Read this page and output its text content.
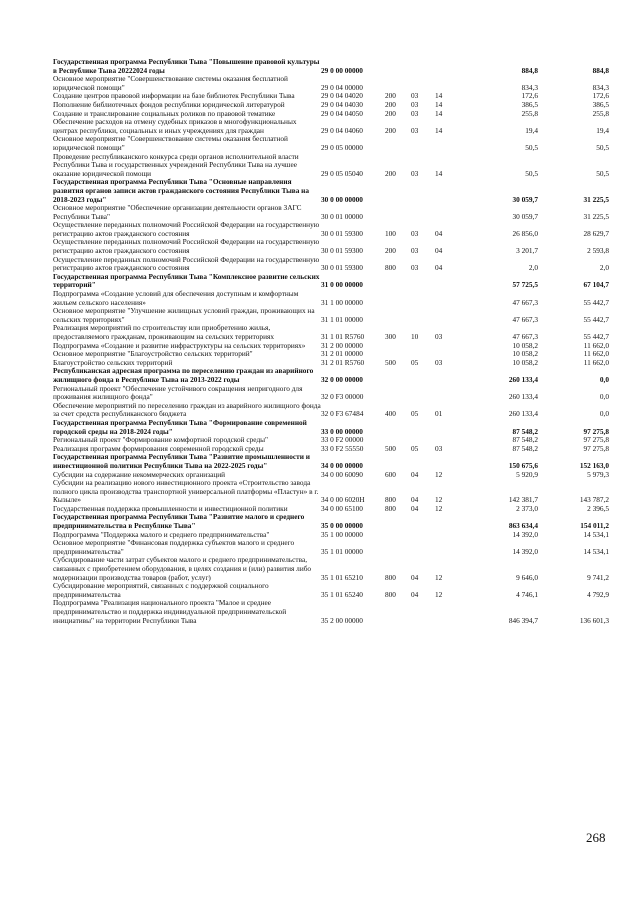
Государственная программа Республики Тыва "Повышение правовой культуры в Республике Тыва 20222024 годы	29 0 00 00000				884,8	884,8
Основное мероприятие "Совершенствование системы оказания бесплатной юридической помощи"	29 0 04 00000				834,3	834,3
Создание центров правовой информации на базе библиотек Республики Тыва	29 0 04 04020	200	03	14	172,6	172,6
Пополнение библиотечных фондов республики юридической литературой	29 0 04 04030	200	03	14	386,5	386,5
Создание и транслирование социальных роликов по правовой тематике	29 0 04 04050	200	03	14	255,8	255,8
Обеспечение расходов на отмену судебных приказов в многофункциональных центрах республики, социальных и иных учреждениях для граждан	29 0 04 04060	200	03	14	19,4	19,4
Основное мероприятие "Совершенствование системы оказания бесплатной юридической помощи"	29 0 05 00000				50,5	50,5
Проведение республиканского конкурса среди органов исполнительной власти Республики Тыва и государственных учреждений Республики Тыва на лучшее оказание юридической помощи	29 0 05 05040	200	03	14	50,5	50,5
Государственная программа Республики Тыва "Основные направления развития органов записи актов гражданского состояния Республики Тыва на 2018-2023 годы"	30 0 00 00000				30 059,7	31 225,5
Основное мероприятие "Обеспечение организации деятельности органов ЗАГС Республики Тыва"	30 0 01 00000				30 059,7	31 225,5
Осуществление переданных полномочий Российской Федерации на государственную регистрацию актов гражданского состояния	30 0 01 59300	100	03	04	26 856,0	28 629,7
Осуществление переданных полномочий Российской Федерации на государственную регистрацию актов гражданского состояния	30 0 01 59300	200	03	04	3 201,7	2 593,8
Осуществление переданных полномочий Российской Федерации на государственную регистрацию актов гражданского состояния	30 0 01 59300	800	03	04	2,0	2,0
Государственная программа Республики Тыва "Комплексное развитие сельских территорий"	31 0 00 00000				57 725,5	67 104,7
Подпрограмма «Создание условий для обеспечения доступным и комфортным жильем сельского населения»	31 1 00 00000				47 667,3	55 442,7
Основное мероприятие "Улучшение жилищных условий граждан, проживающих на сельских территориях"	31 1 01 00000				47 667,3	55 442,7
Реализация мероприятий по строительству или приобретению жилья, предоставляемого гражданам, проживающим на сельских территориях	31 1 01 R5760	300	10	03	47 667,3	55 442,7
Подпрограмма «Создание и развитие инфраструктуры на сельских территориях»	31 2 00 00000				10 058,2	11 662,0
Основное мероприятие "Благоустройство сельских территорий"	31 2 01 00000				10 058,2	11 662,0
Благоустройство сельских территорий	31 2 01 R5760	500	05	03	10 058,2	11 662,0
Республиканская адресная программа по переселению граждан из аварийного жилищного фонда в Республике Тыва на 2013-2022 годы	32 0 00 00000				260 133,4	0,0
Региональный проект "Обеспечение устойчивого сокращения непригодного для проживания жилищного фонда"	32 0 F3 00000				260 133,4	0,0
Обеспечение мероприятий по переселению граждан из аварийного жилищного фонда за счет средств республиканского бюджета	32 0 F3 67484	400	05	01	260 133,4	0,0
Государственная программа Республики Тыва "Формирование современной городской среды на 2018-2024 годы"	33 0 00 00000				87 548,2	97 275,8
Региональный проект "Формирование комфортной городской среды"	33 0 F2 00000				87 548,2	97 275,8
Реализация программ формирования современной городской среды	33 0 F2 55550	500	05	03	87 548,2	97 275,8
Государственная программа Республики Тыва "Развитие промышленности и инвестиционной политики Республики Тыва на 2022-2025 годы"	34 0 00 00000				150 675,6	152 163,0
Субсидии на содержание некоммерческих организаций	34 0 00 60090	600	04	12	5 920,9	5 979,3
Субсидии на реализацию нового инвестиционного проекта «Строительство завода полного цикла производства транспортной универсальной платформы «Пластун» в г. Кызыле»	34 0 00 6020Н	800	04	12	142 381,7	143 787,2
Государственная поддержка промышленности и инвестиционной политики	34 0 00 65100	800	04	12	2 373,0	2 396,5
Государственная программа Республики Тыва "Развитие малого и среднего предпринимательства в Республике Тыва"	35 0 00 00000				863 634,4	154 011,2
Подпрограмма "Поддержка малого и среднего предпринимательства"	35 1 00 00000				14 392,0	14 534,1
Основное мероприятие "Финансовая поддержка субъектов малого и среднего предпринимательства"	35 1 01 00000				14 392,0	14 534,1
Субсидирование части затрат субъектов малого и среднего предпринимательства, связанных с приобретением оборудования, в целях создания и (или) развития либо модернизации производства товаров (работ, услуг)	35 1 01 65210	800	04	12	9 646,0	9 741,2
Субсидирование мероприятий, связанных с поддержкой социального предпринимательства	35 1 01 65240	800	04	12	4 746,1	4 792,9
Подпрограмма "Реализация национального проекта "Малое и среднее предпринимательство и поддержка индивидуальной предпринимательской инициативы" на территории Республики Тыва	35 2 00 00000				846 394,7	136 601,3
268
